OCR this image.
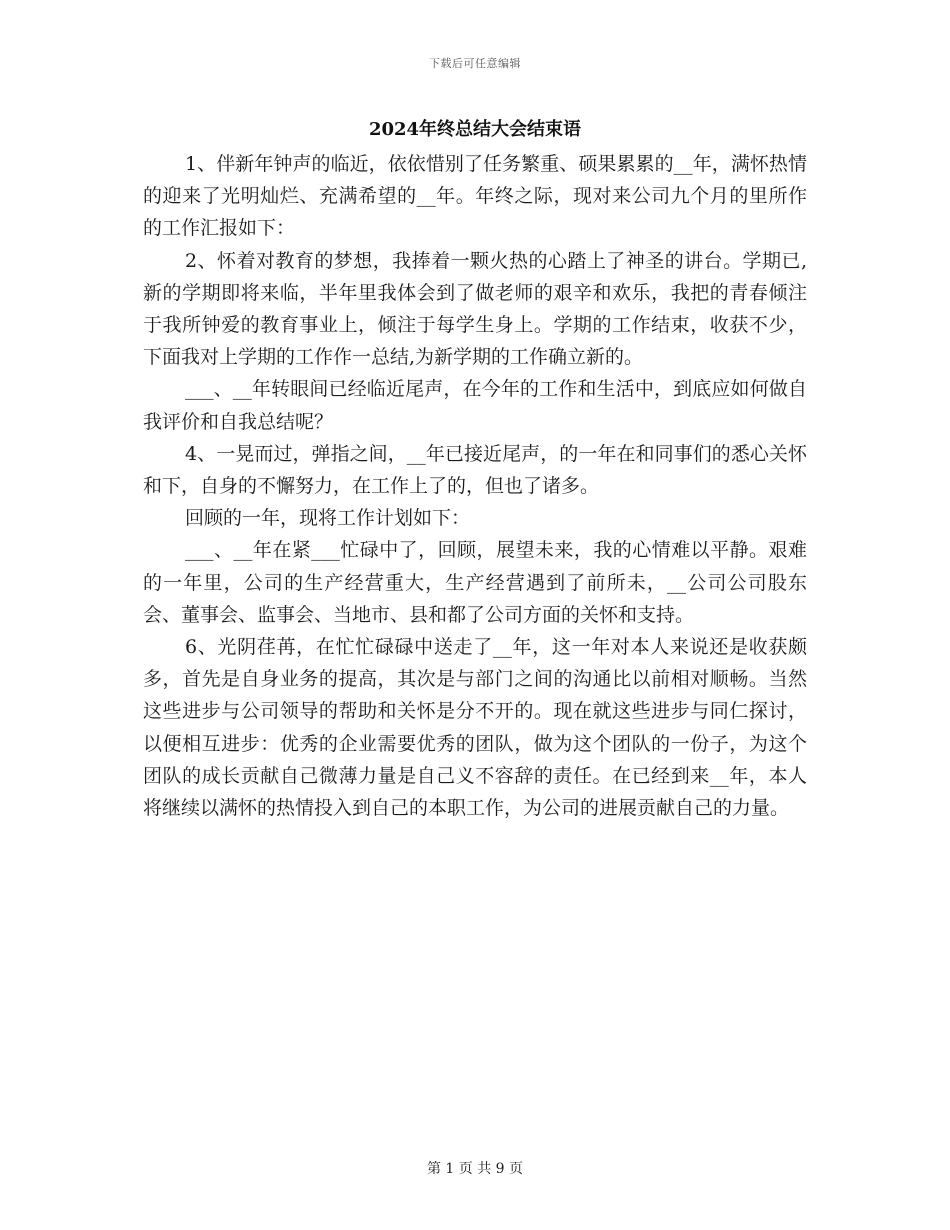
下载后可任意编辑
2024年终总结大会结束语

1、伴新年钟声的临近，依依惜别了任务繁重、硕果累累的__年，满怀热情的迎来了光明灿烂、充满希望的__年。年终之际，现对来公司九个月的里所作的工作汇报如下：

2、怀着对教育的梦想，我捧着一颗火热的心踏上了神圣的讲台。学期已,新的学期即将来临，半年里我体会到了做老师的艰辛和欢乐，我把的青春倾注于我所钟爱的教育事业上，倾注于每学生身上。学期的工作结束，收获不少，下面我对上学期的工作作一总结,为新学期的工作确立新的。

___、__年转眼间已经临近尾声，在今年的工作和生活中，到底应如何做自我评价和自我总结呢？

4、一晃而过，弹指之间，__年已接近尾声，的一年在和同事们的悉心关怀和下，自身的不懈努力，在工作上了的，但也了诸多。

回顾的一年，现将工作计划如下：

___、__年在紧___忙碌中了，回顾，展望未来，我的心情难以平静。艰难的一年里，公司的生产经营重大，生产经营遇到了前所未，__公司公司股东会、董事会、监事会、当地市、县和都了公司方面的关怀和支持。

6、光阴荏苒，在忙忙碌碌中送走了__年，这一年对本人来说还是收获颇多，首先是自身业务的提高，其次是与部门之间的沟通比以前相对顺畅。当然这些进步与公司领导的帮助和关怀是分不开的。现在就这些进步与同仁探讨，以便相互进步：优秀的企业需要优秀的团队，做为这个团队的一份子，为这个团队的成长贡献自己微薄力量是自己义不容辞的责任。在已经到来__年，本人将继续以满怀的热情投入到自己的本职工作，为公司的进展贡献自己的力量。

第 1 页 共 9 页
